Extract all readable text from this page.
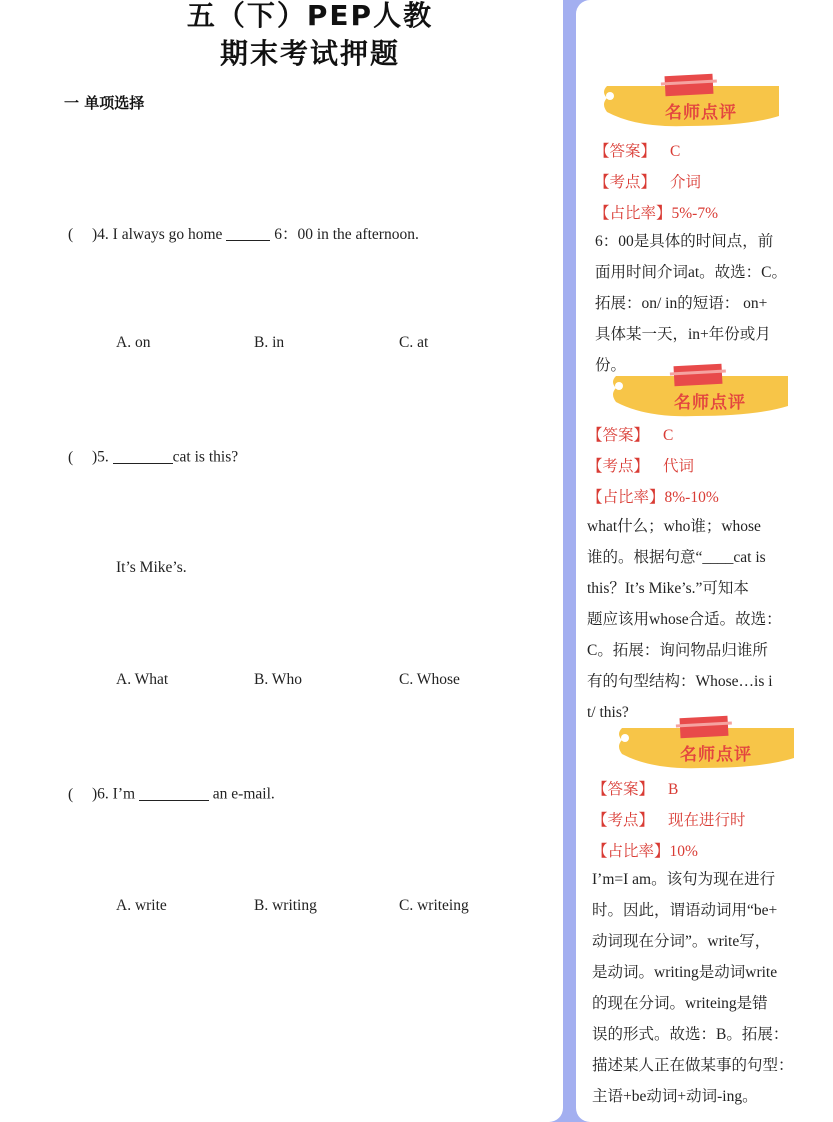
五（下）PEP人教
期末考试押题
一 单项选择
( )4. I always go home	6：00 in the afternoon.
A. on	B. in	C. at
( )5.	cat is this?
It’s Mike’s.
A. What	B. Who	C. Whose
( )6. I’m	an e-mail.
A. write	B. writing	C. writeing
名师点评
【答案】 C
【考点】 介词
【占比率】5%-7%
6：00是具体的时间点，前
面用时间介词at。故选：C。
拓展：on/ in的短语： on+
具体某一天，in+年份或月
份。
名师点评
【答案】 C
【考点】 代词
【占比率】8%-10%
what什么；who谁；whose
谁的。根据句意“____cat is
this？It’s Mike’s.”可知本
题应该用whose合适。故选：
C。拓展：询问物品归谁所
有的句型结构：Whose…is i
t/ this?
名师点评
【答案】 B
【考点】 现在进行时
【占比率】10%
I’m=I am。该句为现在进行
时。因此，谓语动词用“be+
动词现在分词”。write写，
是动词。writing是动词write
的现在分词。writeing是错
误的形式。故选：B。拓展：
描述某人正在做某事的句型：
主语+be动词+动词-ing。
